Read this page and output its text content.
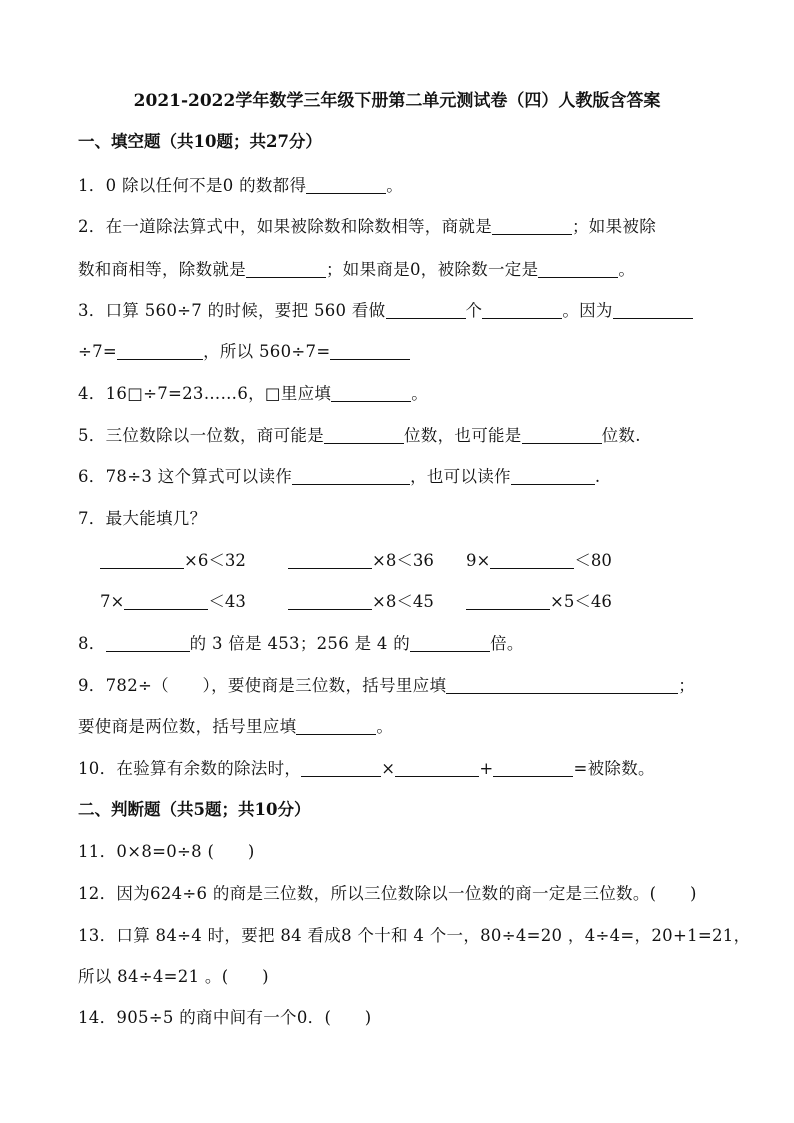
2021-2022学年数学三年级下册第二单元测试卷（四）人教版含答案
一、填空题（共10题；共27分）
1．0 除以任何不是0 的数都得	。
2．在一道除法算式中，如果被除数和除数相等，商就是	；如果被除
数和商相等，除数就是	；如果商是0，被除数一定是	。
3．口算 560÷7 的时候，要把 560 看做	个	。因为
÷7=	，所以 560÷7=
4．16□÷7=23……6，□里应填	。
5．三位数除以一位数，商可能是	位数，也可能是	位数.
6．78÷3 这个算式可以读作	，也可以读作	.
7．最大能填几？
×6＜32	×8＜36 9×	＜80
7×	＜43	×8＜45	×5＜46
8．	的 3 倍是 453；256 是 4 的	倍。
9．782÷（　　），要使商是三位数，括号里应填	；
要使商是两位数，括号里应填	。
10．在验算有余数的除法时，	×	+	=被除数。
二、判断题（共5题；共10分）
11．0×8=0÷8 (　　)
12．因为624÷6 的商是三位数，所以三位数除以一位数的商一定是三位数。(　　)
13．口算 84÷4 时，要把 84 看成8 个十和 4 个一，80÷4=20 ，4÷4=，20+1=21，
所以 84÷4=21 。(　　)
14．905÷5 的商中间有一个0．(　　)
